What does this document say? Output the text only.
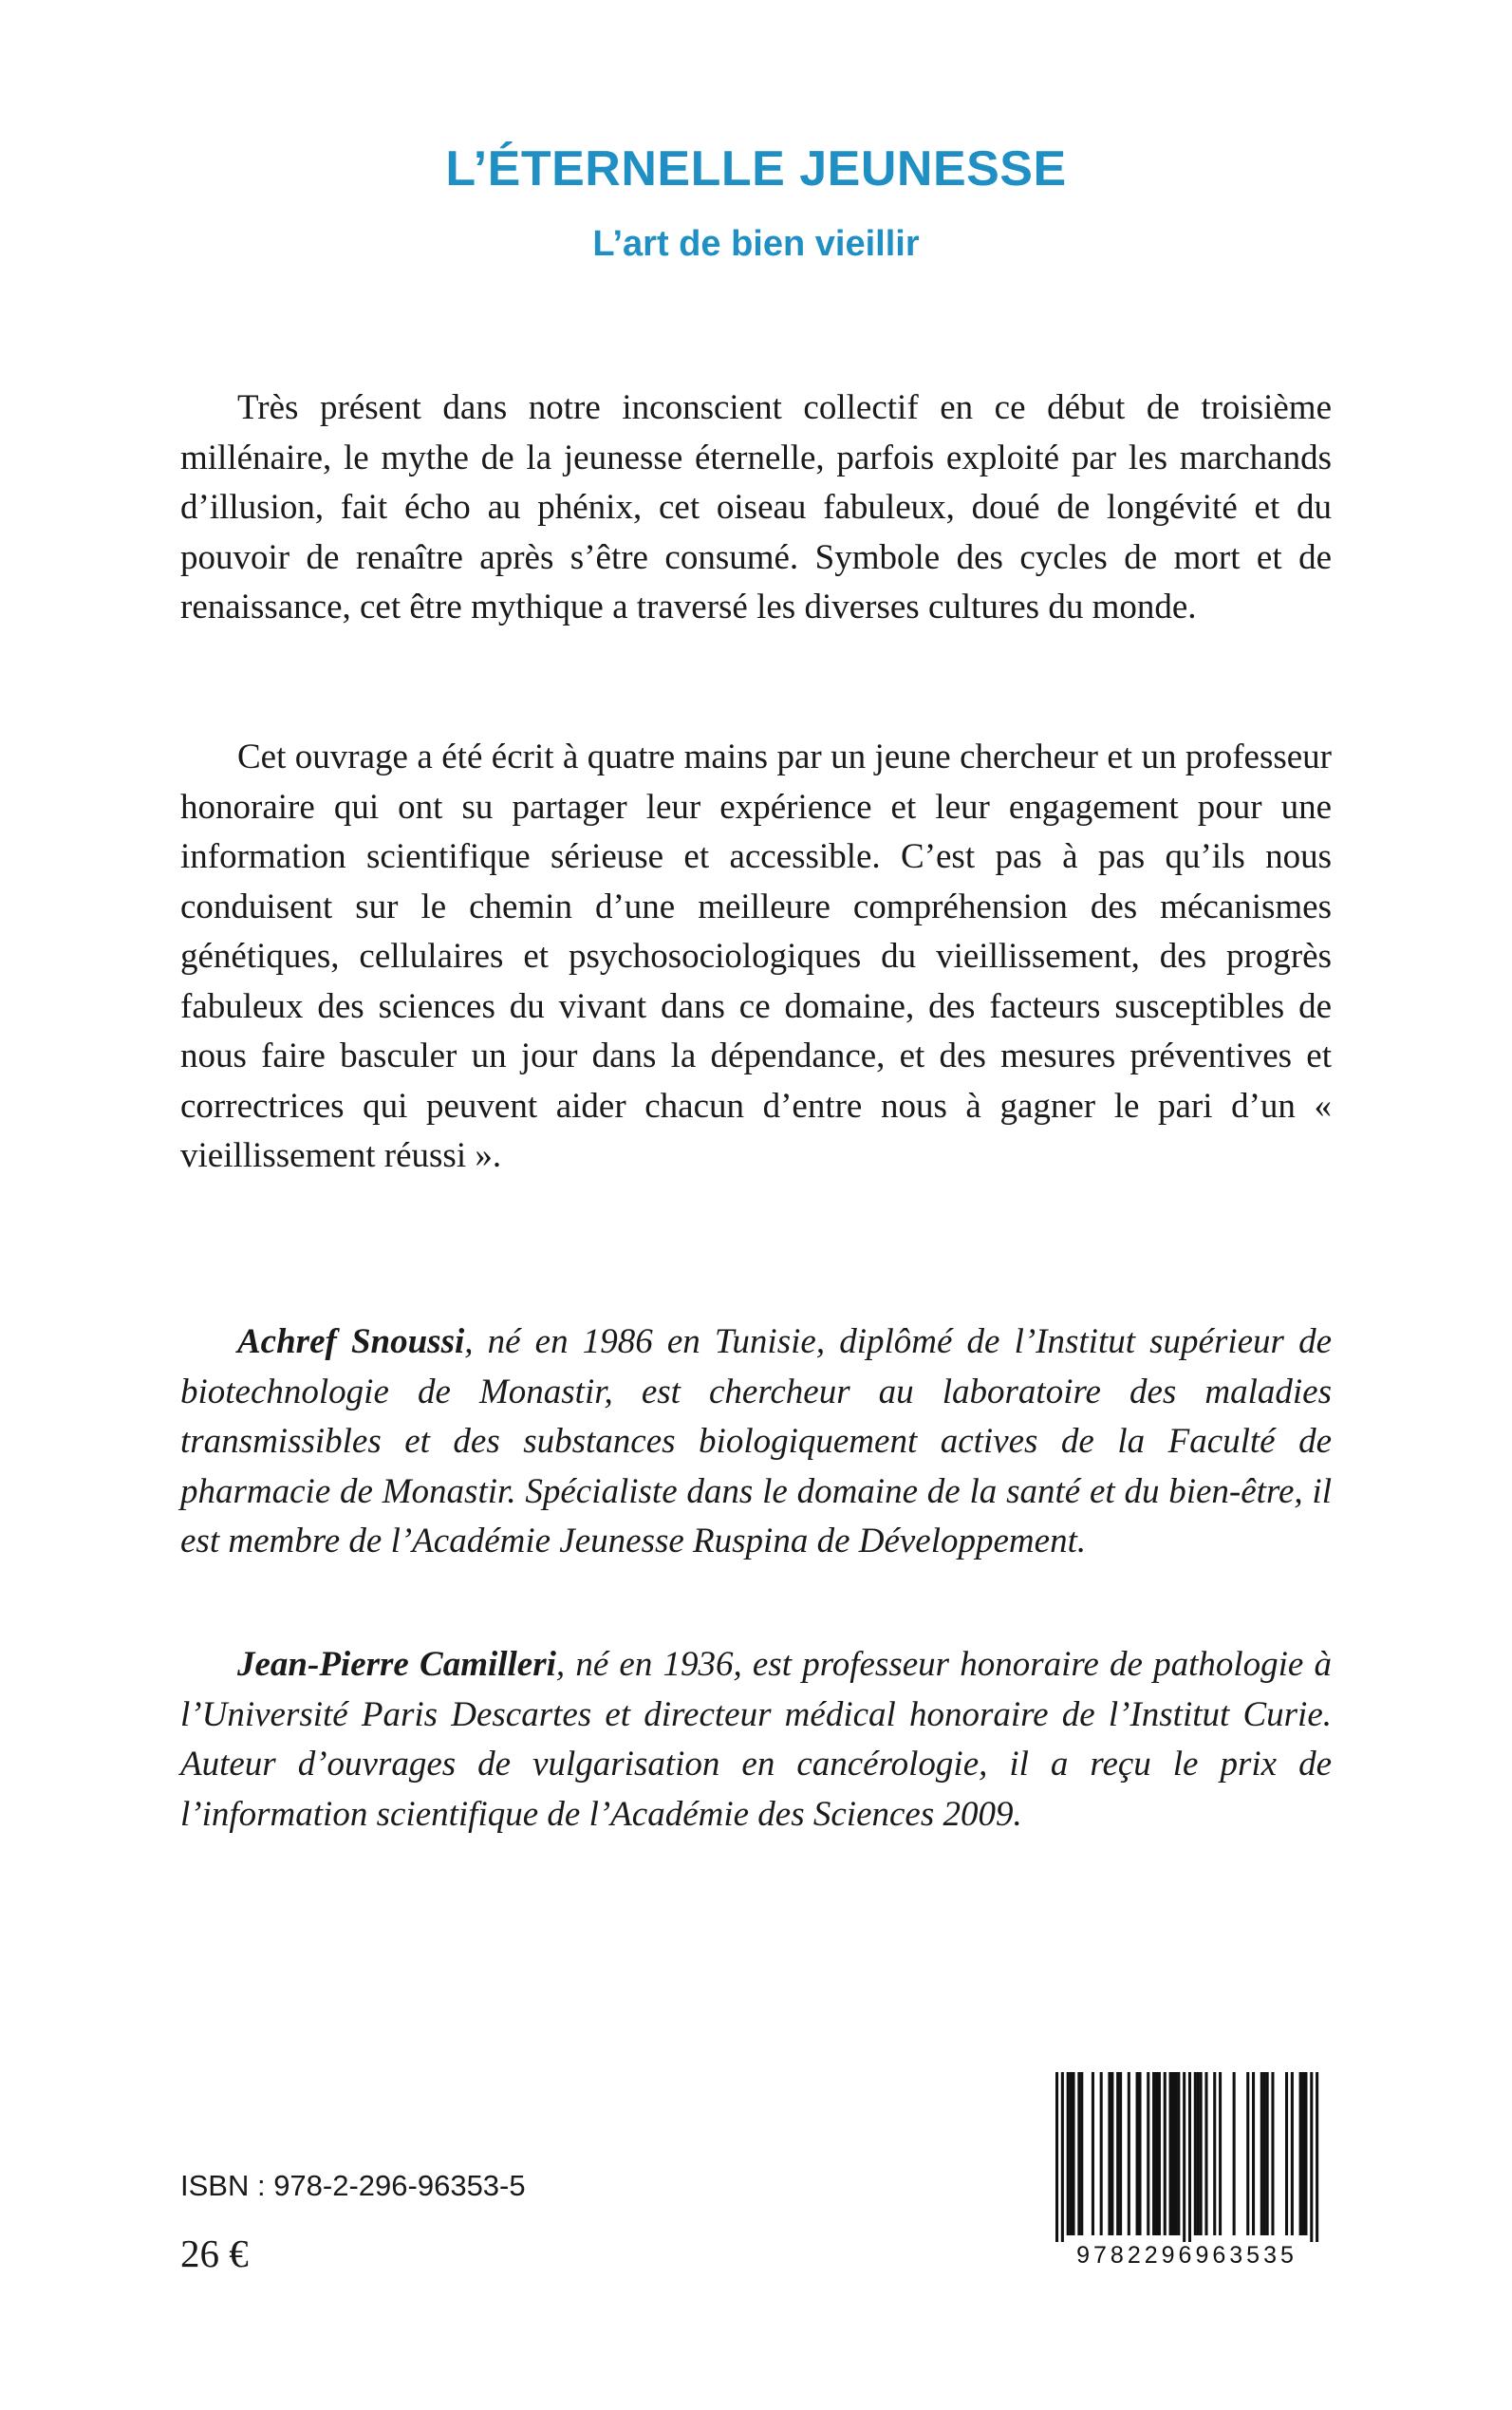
L’ÉTERNELLE JEUNESSE
L’art de bien vieillir

Très présent dans notre inconscient collectif en ce début de troisième millénaire, le mythe de la jeunesse éternelle, parfois exploité par les marchands d’illusion, fait écho au phénix, cet oiseau fabuleux, doué de longévité et du pouvoir de renaître après s’être consumé. Symbole des cycles de mort et de renaissance, cet être mythique a traversé les diverses cultures du monde.

Cet ouvrage a été écrit à quatre mains par un jeune chercheur et un professeur honoraire qui ont su partager leur expérience et leur engagement pour une information scientifique sérieuse et accessible. C’est pas à pas qu’ils nous conduisent sur le chemin d’une meilleure compréhension des mécanismes génétiques, cellulaires et psychosociologiques du vieillissement, des progrès fabuleux des sciences du vivant dans ce domaine, des facteurs susceptibles de nous faire basculer un jour dans la dépendance, et des mesures préventives et correctrices qui peuvent aider chacun d’entre nous à gagner le pari d’un « vieillissement réussi ».

Achref Snoussi, né en 1986 en Tunisie, diplômé de l’Institut supérieur de biotechnologie de Monastir, est chercheur au laboratoire des maladies transmissibles et des substances biologiquement actives de la Faculté de pharmacie de Monastir. Spécialiste dans le domaine de la santé et du bien-être, il est membre de l’Académie Jeunesse Ruspina de Développement.

Jean-Pierre Camilleri, né en 1936, est professeur honoraire de pathologie à l’Université Paris Descartes et directeur médical honoraire de l’Institut Curie. Auteur d’ouvrages de vulgarisation en cancérologie, il a reçu le prix de l’information scientifique de l’Académie des Sciences 2009.

ISBN : 978-2-296-96353-5

26 €	9782296963535
